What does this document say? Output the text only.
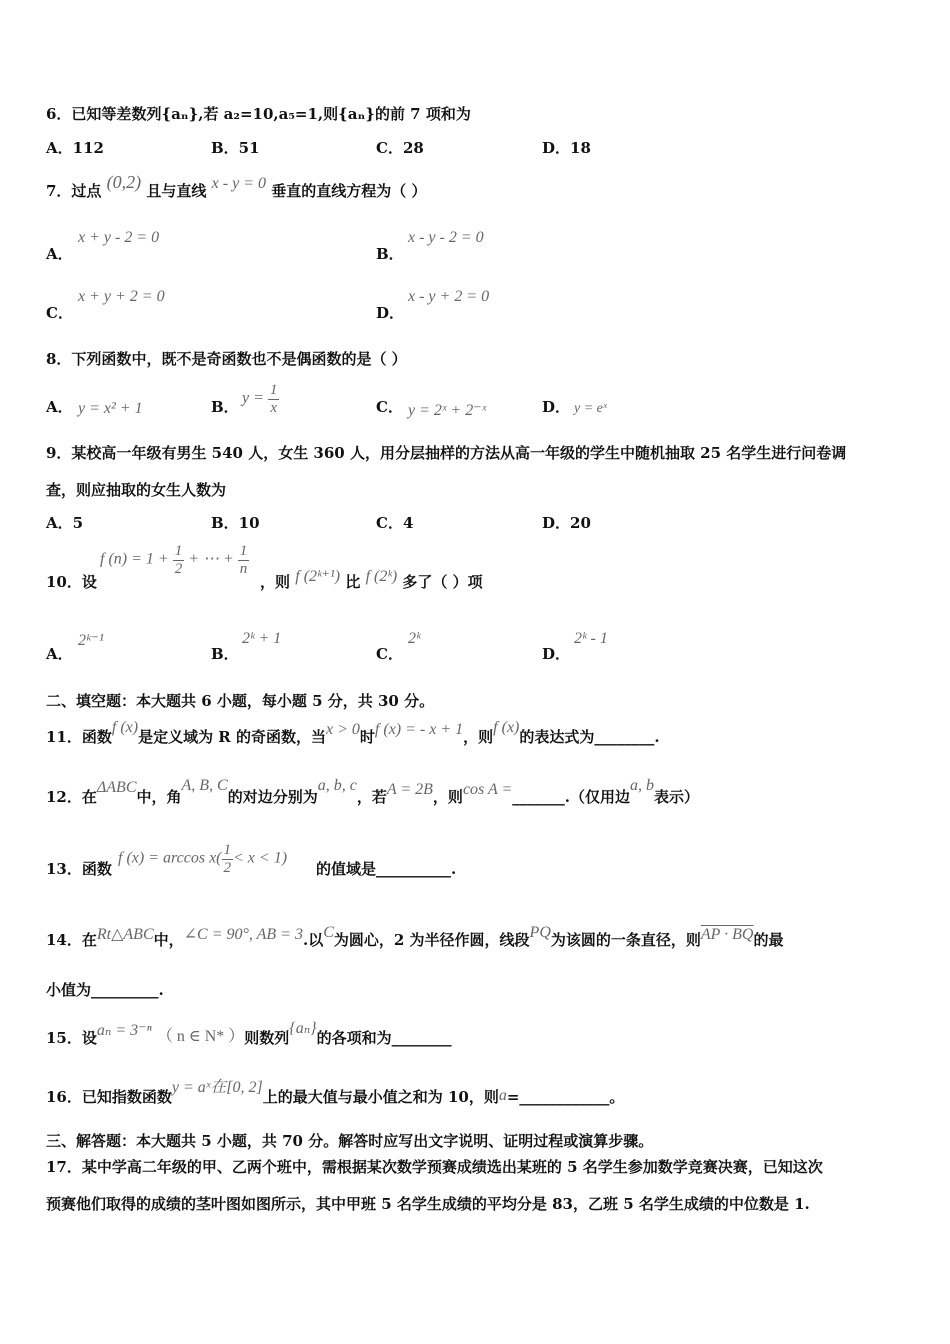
6．已知等差数列{aₙ},若 a₂=10,a₅=1,则{aₙ}的前 7 项和为
A．112	B．51	C．28	D．18
7．过点 (0,2) 且与直线 x - y = 0 垂直的直线方程为（ ）
A．
x + y - 2 = 0
B．
x - y - 2 = 0
C．
x + y + 2 = 0
D．
x - y + 2 = 0
8．下列函数中，既不是奇函数也不是偶函数的是（ ）
A． y = x² + 1	B． $y = \frac{1}{x}$	C． y = 2ˣ + 2⁻ˣ	D． y = eˣ
9．某校高一年级有男生 540 人，女生 360 人，用分层抽样的方法从高一年级的学生中随机抽取 25 名学生进行问卷调
查，则应抽取的女生人数为
A．5	B．10	C．4	D．20
10．设
f $(n) = 1 + \frac{1}{2}$ + ⋯ + $\frac{1}{n}$
，则 f (2ᵏ⁺¹) 比 f (2ᵏ) 多了（ ）项
A．
2ᵏ⁻¹
B．
2ᵏ + 1
C．
2ᵏ
D．
2ᵏ - 1
二、填空题：本大题共 6 小题，每小题 5 分，共 30 分。
11．函数f (x)是定义域为 R 的奇函数，当x > 0时f (x) = - x + 1，则f (x)的表达式为________.
12．在ΔABC中，角A, B, C的对边分别为a, b, c，若A = 2B，则cos A =_______.（仅用边a, b表示）
13．函数
f $(x) = \arccos x( \frac{1}{2} < x < 1)$
的值域是__________.
14．在Rt△ABC中，∠C = 90°, AB = 3.以C为圆心，2 为半径作圆，线段PQ为该圆的一条直径，则AP · BQ的最
小值为_________.
15．设aₙ = 3⁻ⁿ （ n ∈ N* ）则数列{aₙ}的各项和为________
16．已知指数函数y = aˣ在[0, 2]上的最大值与最小值之和为 10，则a=____________。
三、解答题：本大题共 5 小题，共 70 分。解答时应写出文字说明、证明过程或演算步骤。
17．某中学高二年级的甲、乙两个班中，需根据某次数学预赛成绩选出某班的 5 名学生参加数学竞赛决赛，已知这次
预赛他们取得的成绩的茎叶图如图所示，其中甲班 5 名学生成绩的平均分是 83，乙班 5 名学生成绩的中位数是 1.
